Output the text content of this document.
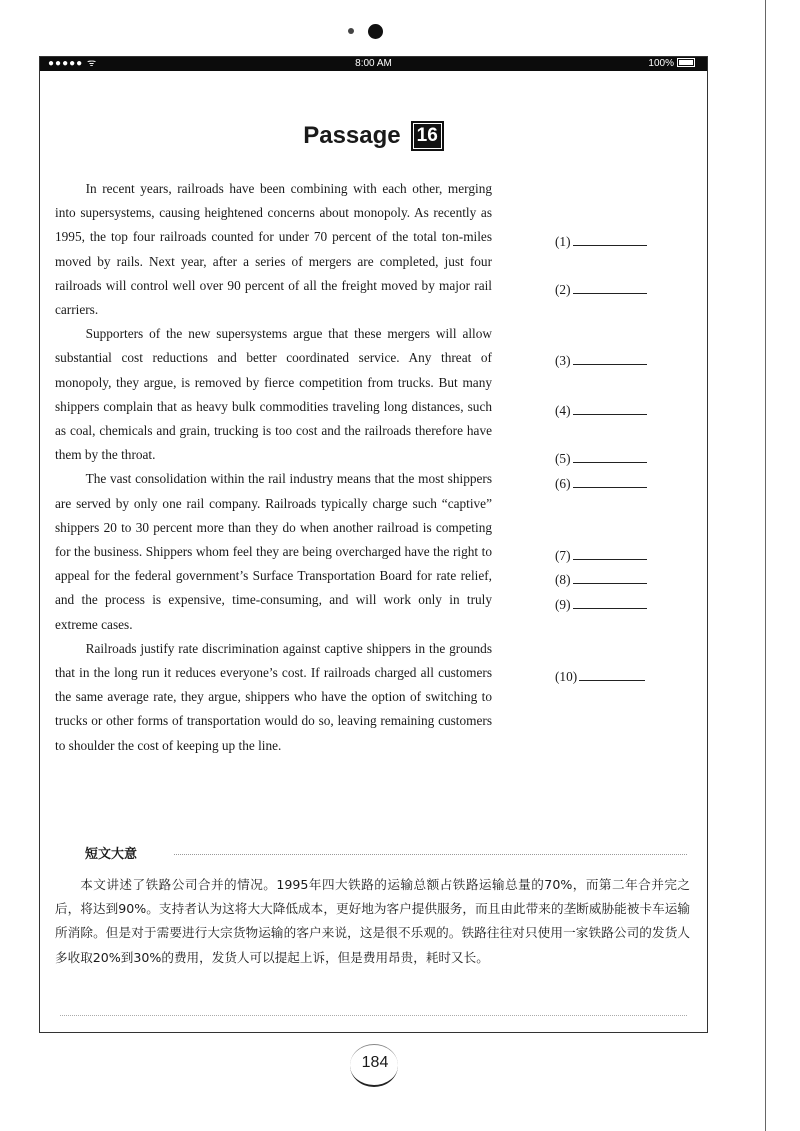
●●●●● ᯤ	8:00 AM	100%
Passage 16

In recent years, railroads have been combining with each other, merging into supersystems, causing heightened concerns about monopoly. As recently as 1995, the top four railroads counted for under 70 percent of the total ton-miles moved by rails. Next year, after a series of mergers are completed, just four railroads will control well over 90 percent of all the freight moved by major rail carriers.

Supporters of the new supersystems argue that these mergers will allow substantial cost reductions and better coordinated service. Any threat of monopoly, they argue, is removed by fierce competition from trucks. But many shippers complain that as heavy bulk commodities traveling long distances, such as coal, chemicals and grain, trucking is too cost and the railroads therefore have them by the throat.

The vast consolidation within the rail industry means that the most shippers are served by only one rail company. Railroads typically charge such “captive” shippers 20 to 30 percent more than they do when another railroad is competing for the business. Shippers whom feel they are being overcharged have the right to appeal for the federal government’s Surface Transportation Board for rate relief, and the process is expensive, time-consuming, and will work only in truly extreme cases.

Railroads justify rate discrimination against captive shippers in the grounds that in the long run it reduces everyone’s cost. If railroads charged all customers the same average rate, they argue, shippers who have the option of switching to trucks or other forms of transportation would do so, leaving remaining customers to shoulder the cost of keeping up the line.

(1)
(2)
(3)
(4)
(5)
(6)
(7)
(8)
(9)
(10)
短文大意

本文讲述了铁路公司合并的情况。1995年四大铁路的运输总额占铁路运输总量的70%，而第二年合并完之后，将达到90%。支持者认为这将大大降低成本，更好地为客户提供服务，而且由此带来的垄断威胁能被卡车运输所消除。但是对于需要进行大宗货物运输的客户来说，这是很不乐观的。铁路往往对只使用一家铁路公司的发货人多收取20%到30%的费用，发货人可以提起上诉，但是费用昂贵，耗时又长。

184
